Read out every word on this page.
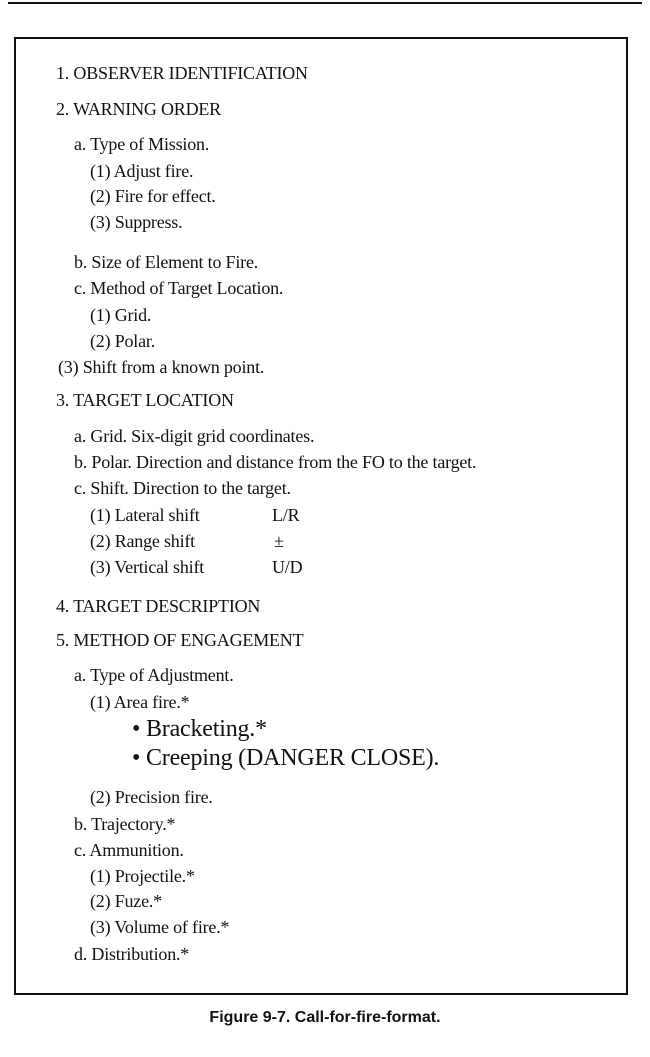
1. OBSERVER IDENTIFICATION
2. WARNING ORDER
a. Type of Mission.
(1) Adjust fire.
(2) Fire for effect.
(3) Suppress.
b. Size of Element to Fire.
c. Method of Target Location.
(1) Grid.
(2) Polar.
(3) Shift from a known point.
3. TARGET LOCATION
a. Grid. Six-digit grid coordinates.
b. Polar. Direction and distance from the FO to the target.
c. Shift. Direction to the target.
(1) Lateral shift	L/R
(2) Range shift	±
(3) Vertical shift	U/D
4. TARGET DESCRIPTION
5. METHOD OF ENGAGEMENT
a. Type of Adjustment.
(1) Area fire.*
• Bracketing.*
• Creeping (DANGER CLOSE).
(2) Precision fire.
b. Trajectory.*
c. Ammunition.
(1) Projectile.*
(2) Fuze.*
(3) Volume of fire.*
d. Distribution.*
Figure 9-7. Call-for-fire-format.
